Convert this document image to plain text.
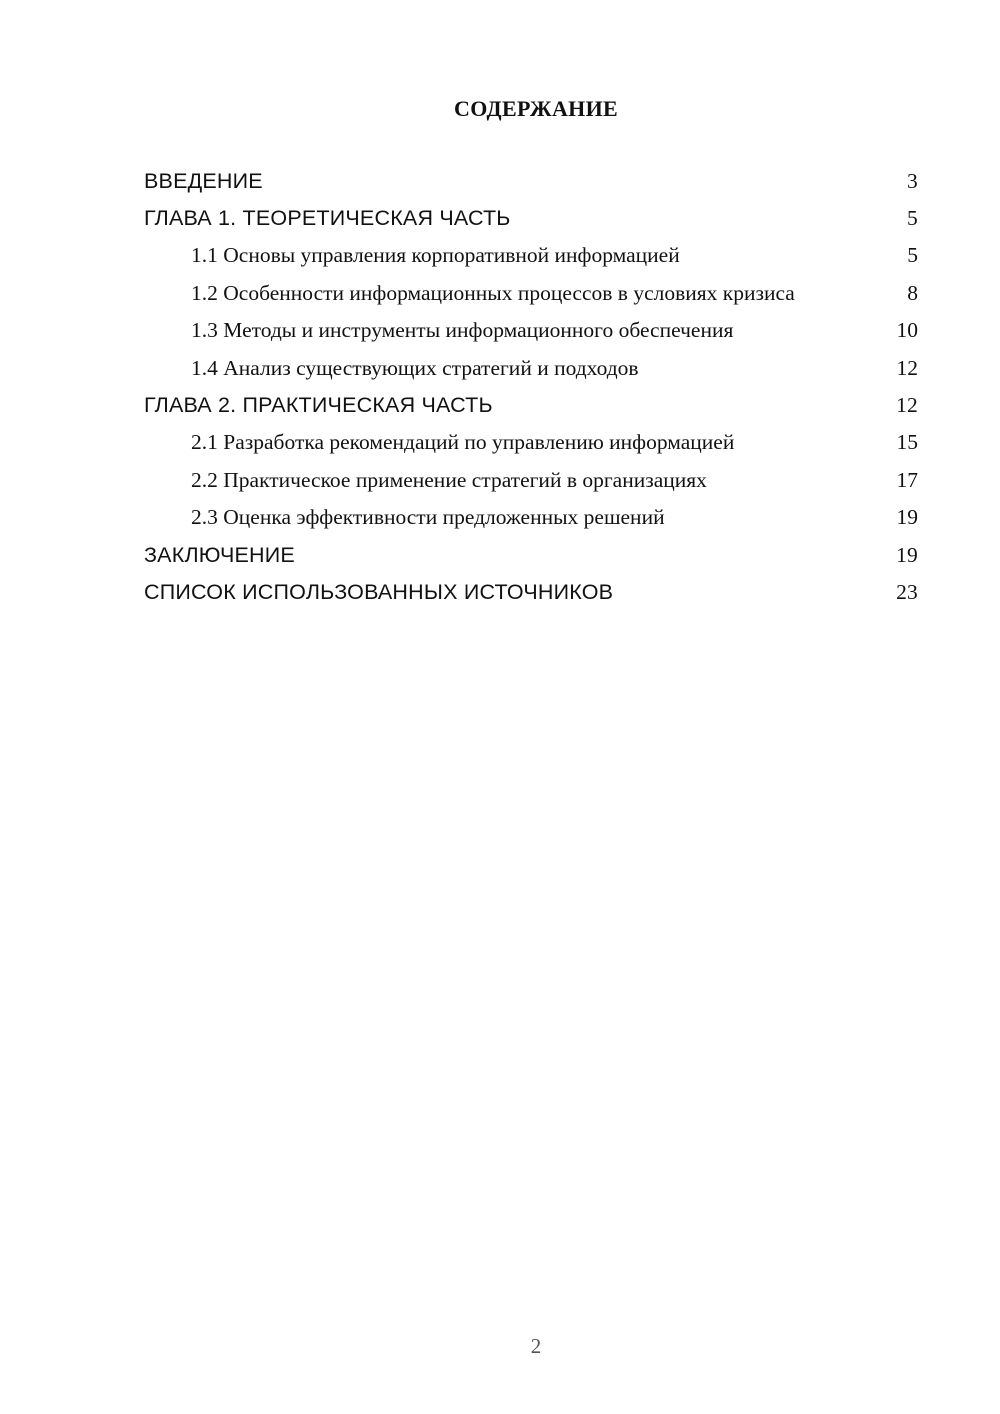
СОДЕРЖАНИЕ
ВВЕДЕНИЕ	3
ГЛАВА 1. ТЕОРЕТИЧЕСКАЯ ЧАСТЬ	5
1.1 Основы управления корпоративной информацией	5
1.2 Особенности информационных процессов в условиях кризиса	8
1.3 Методы и инструменты информационного обеспечения	10
1.4 Анализ существующих стратегий и подходов	12
ГЛАВА 2. ПРАКТИЧЕСКАЯ ЧАСТЬ	12
2.1 Разработка рекомендаций по управлению информацией	15
2.2 Практическое применение стратегий в организациях	17
2.3 Оценка эффективности предложенных решений	19
ЗАКЛЮЧЕНИЕ	19
СПИСОК ИСПОЛЬЗОВАННЫХ ИСТОЧНИКОВ	23
2
